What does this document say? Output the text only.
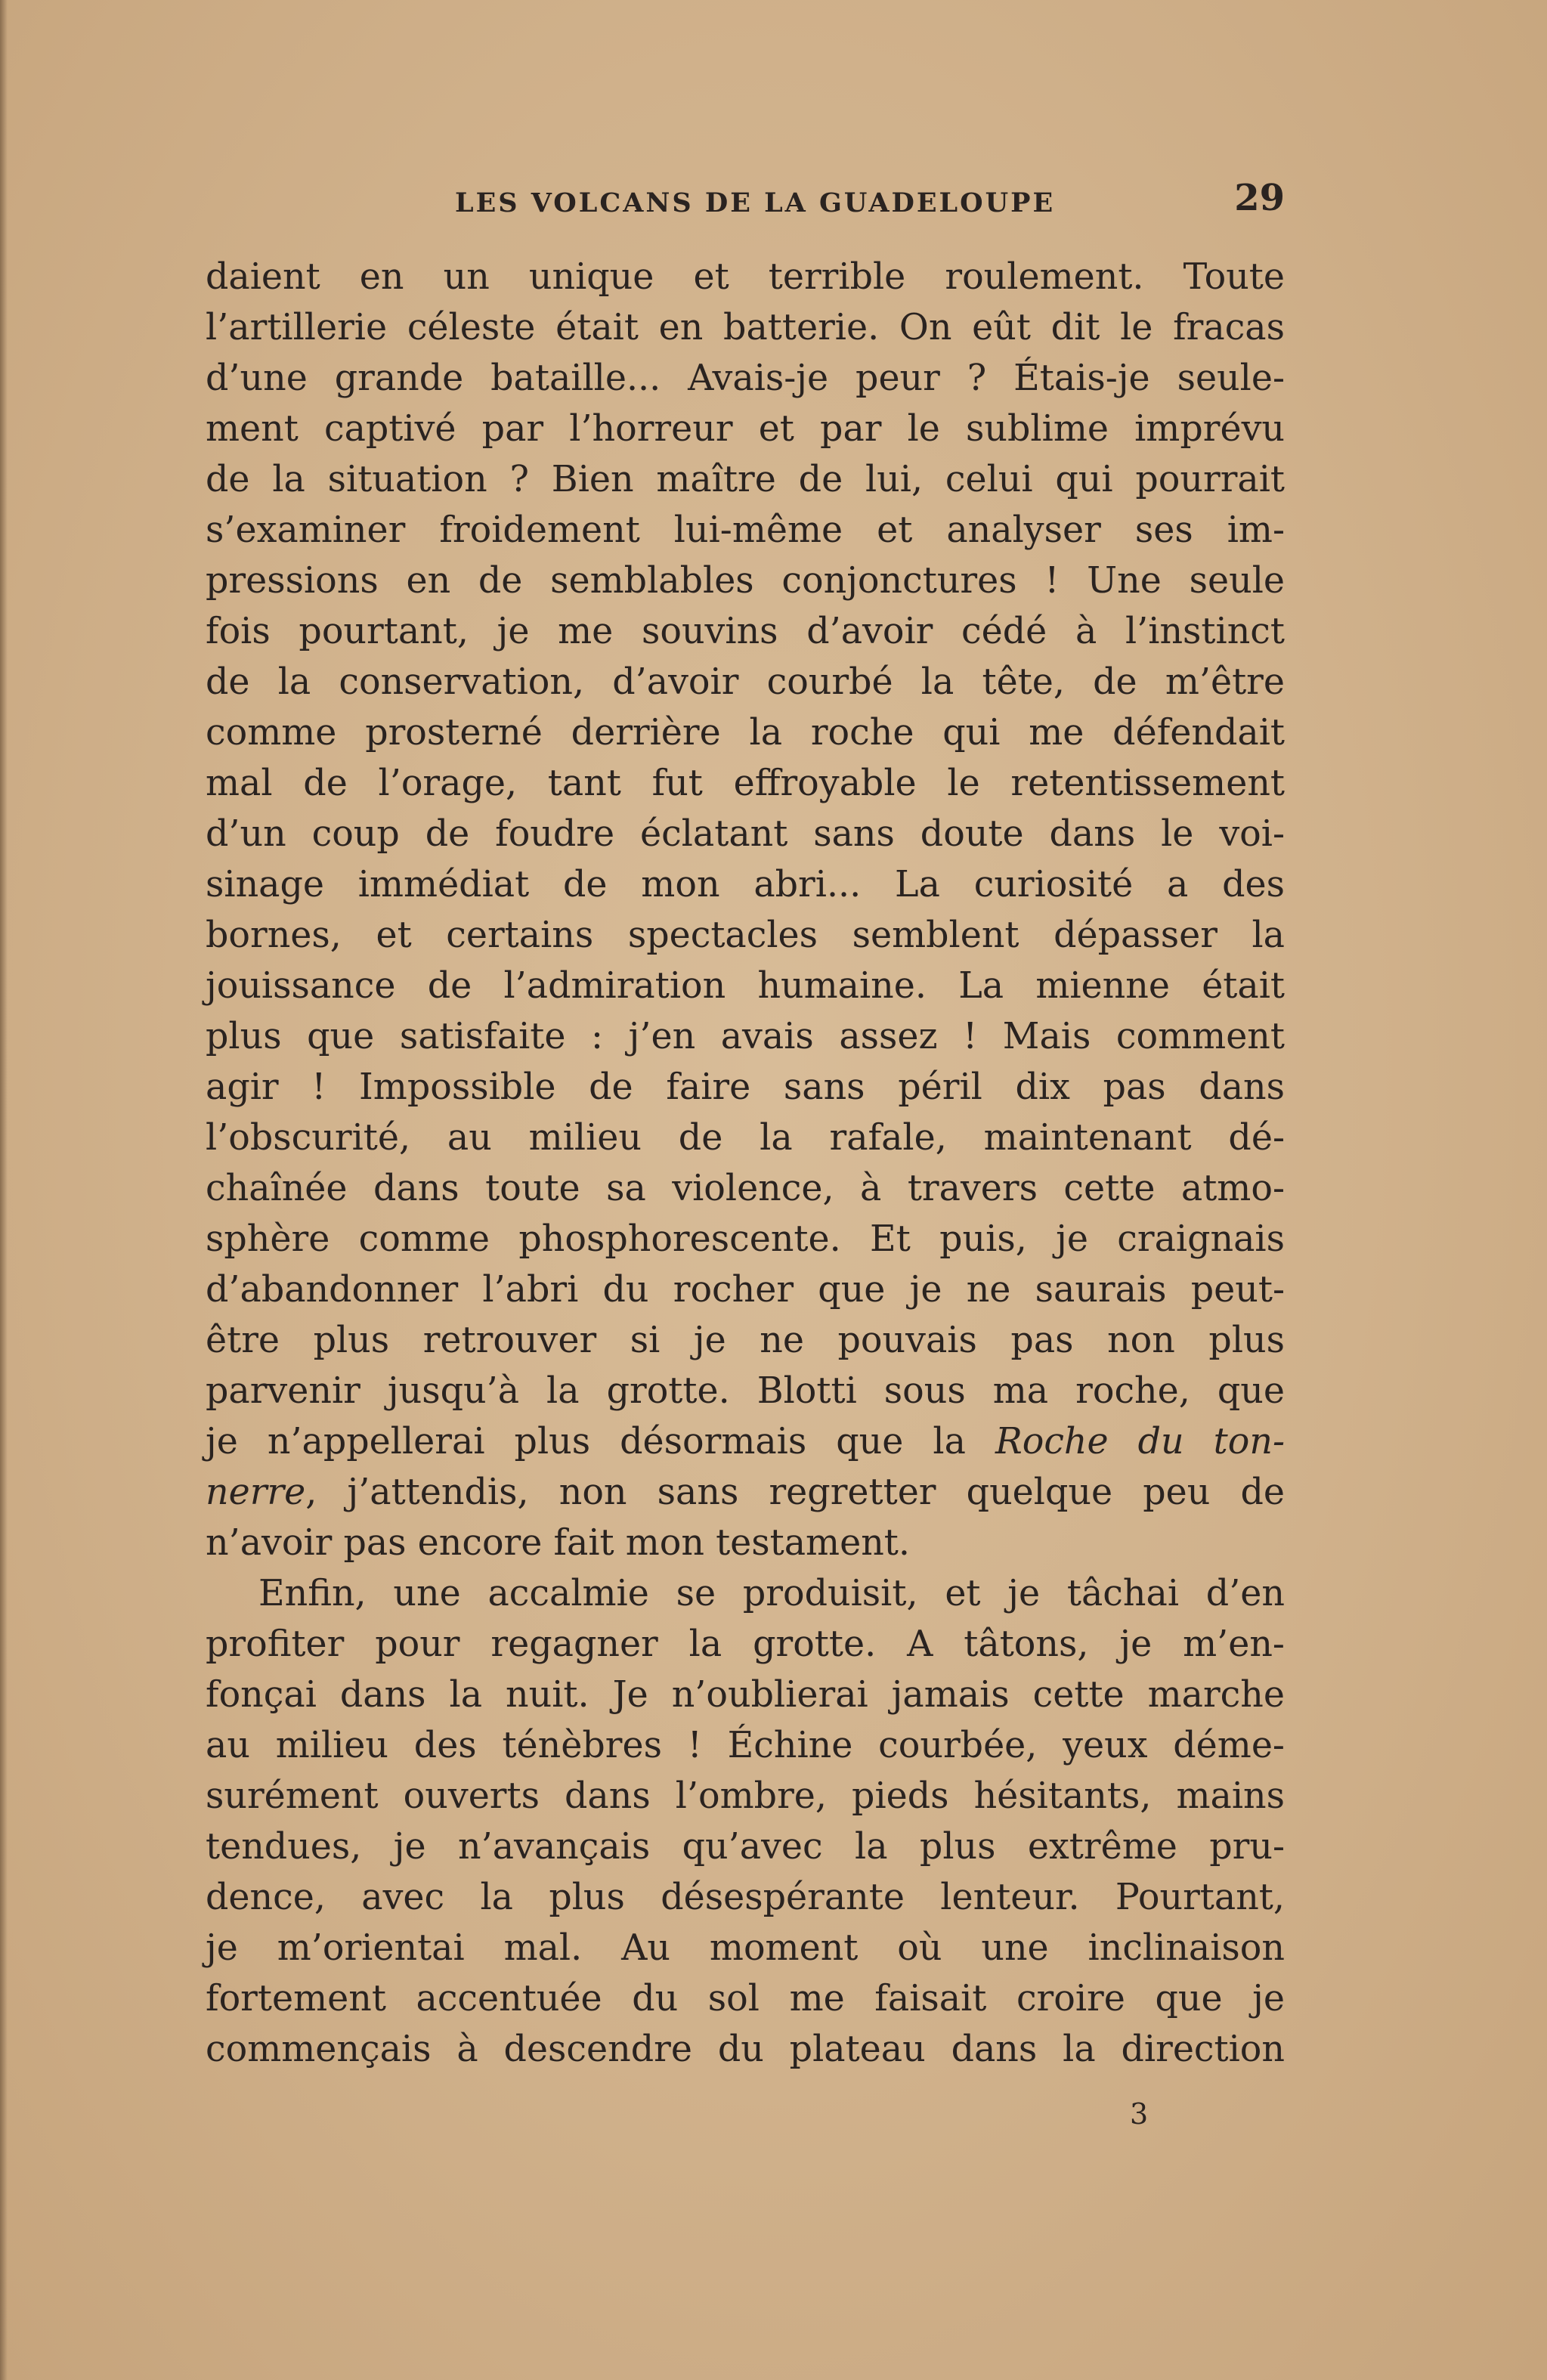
LES VOLCANS DE LA GUADELOUPE	29
daient en un unique et terrible roulement. Toute
l’artillerie céleste était en batterie. On eût dit le fracas
d’une grande bataille... Avais-je peur ? Étais-je seule-
ment captivé par l’horreur et par le sublime imprévu
de la situation ? Bien maître de lui, celui qui pourrait
s’examiner froidement lui-même et analyser ses im-
pressions en de semblables conjonctures ! Une seule
fois pourtant, je me souvins d’avoir cédé à l’instinct
de la conservation, d’avoir courbé la tête, de m’être
comme prosterné derrière la roche qui me défendait
mal de l’orage, tant fut effroyable le retentissement
d’un coup de foudre éclatant sans doute dans le voi-
sinage immédiat de mon abri... La curiosité a des
bornes, et certains spectacles semblent dépasser la
jouissance de l’admiration humaine. La mienne était
plus que satisfaite : j’en avais assez ! Mais comment
agir ! Impossible de faire sans péril dix pas dans
l’obscurité, au milieu de la rafale, maintenant dé-
chaînée dans toute sa violence, à travers cette atmo-
sphère comme phosphorescente. Et puis, je craignais
d’abandonner l’abri du rocher que je ne saurais peut-
être plus retrouver si je ne pouvais pas non plus
parvenir jusqu’à la grotte. Blotti sous ma roche, que
je n’appellerai plus désormais que la Roche du ton-
nerre, j’attendis, non sans regretter quelque peu de
n’avoir pas encore fait mon testament.
Enfin, une accalmie se produisit, et je tâchai d’en
profiter pour regagner la grotte. A tâtons, je m’en-
fonçai dans la nuit. Je n’oublierai jamais cette marche
au milieu des ténèbres ! Échine courbée, yeux déme-
surément ouverts dans l’ombre, pieds hésitants, mains
tendues, je n’avançais qu’avec la plus extrême pru-
dence, avec la plus désespérante lenteur. Pourtant,
je m’orientai mal. Au moment où une inclinaison
fortement accentuée du sol me faisait croire que je
commençais à descendre du plateau dans la direction
3
